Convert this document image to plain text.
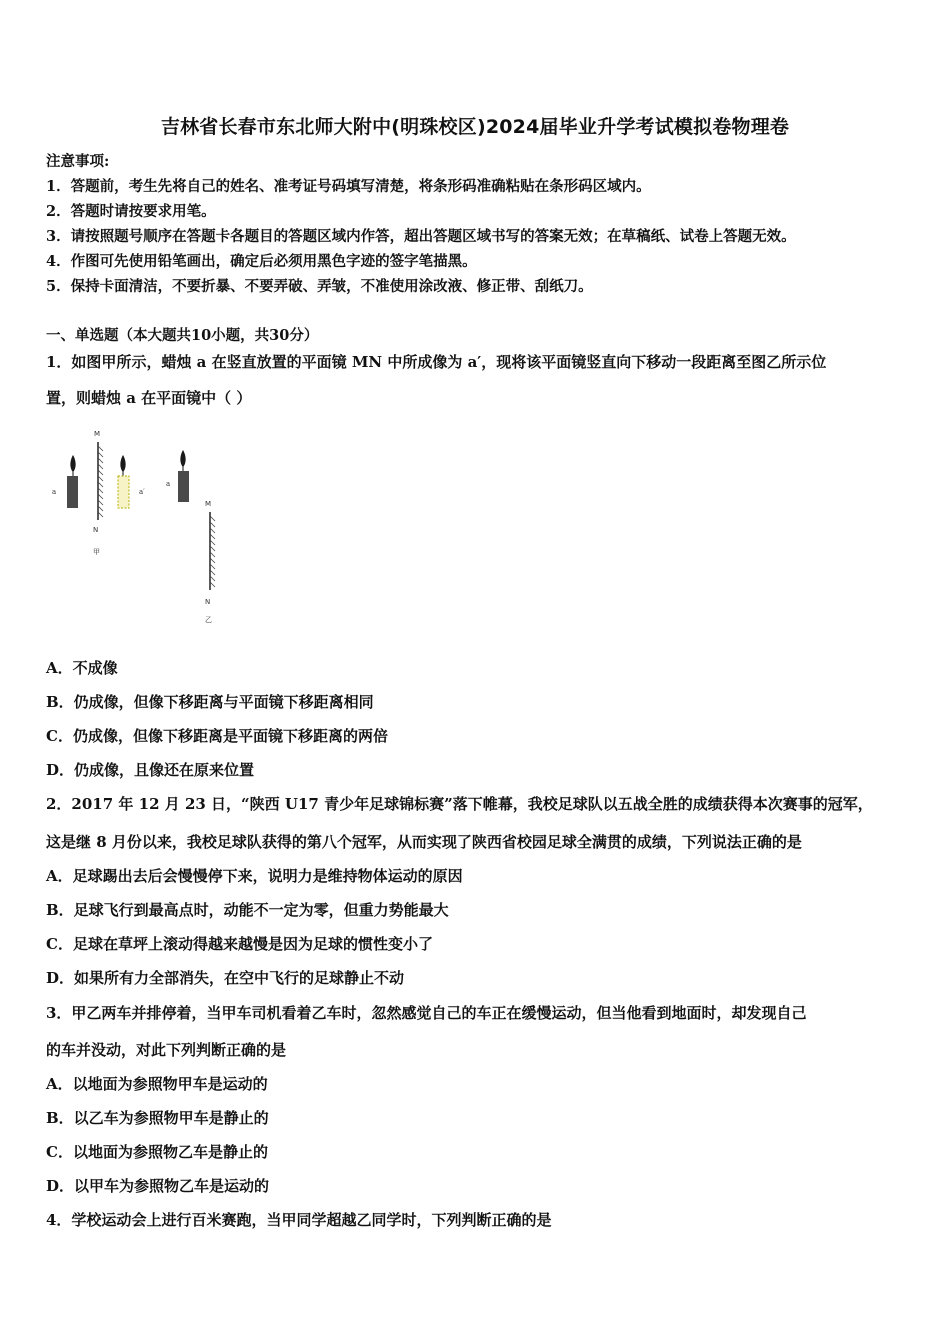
吉林省长春市东北师大附中(明珠校区)2024届毕业升学考试模拟卷物理卷
注意事项:
1．答题前，考生先将自己的姓名、准考证号码填写清楚，将条形码准确粘贴在条形码区域内。
2．答题时请按要求用笔。
3．请按照题号顺序在答题卡各题目的答题区域内作答，超出答题区域书写的答案无效；在草稿纸、试卷上答题无效。
4．作图可先使用铅笔画出，确定后必须用黑色字迹的签字笔描黑。
5．保持卡面清洁，不要折暴、不要弄破、弄皱，不准使用涂改液、修正带、刮纸刀。
一、单选题（本大题共10小题，共30分）
1．如图甲所示，蜡烛 a 在竖直放置的平面镜 MN 中所成像为 a′，现将该平面镜竖直向下移动一段距离至图乙所示位
置，则蜡烛 a 在平面镜中（ ）
M
N
甲
a	a′
a
M
N
乙
A．不成像
B．仍成像，但像下移距离与平面镜下移距离相同
C．仍成像，但像下移距离是平面镜下移距离的两倍
D．仍成像，且像还在原来位置
2．2017 年 12 月 23 日，“陕西 U17 青少年足球锦标赛”落下帷幕，我校足球队以五战全胜的成绩获得本次赛事的冠军，
这是继 8 月份以来，我校足球队获得的第八个冠军，从而实现了陕西省校园足球全满贯的成绩，下列说法正确的是
A．足球踢出去后会慢慢停下来，说明力是维持物体运动的原因
B．足球飞行到最高点时，动能不一定为零，但重力势能最大
C．足球在草坪上滚动得越来越慢是因为足球的惯性变小了
D．如果所有力全部消失，在空中飞行的足球静止不动
3．甲乙两车并排停着，当甲车司机看着乙车时，忽然感觉自己的车正在缓慢运动，但当他看到地面时，却发现自己
的车并没动，对此下列判断正确的是
A．以地面为参照物甲车是运动的
B．以乙车为参照物甲车是静止的
C．以地面为参照物乙车是静止的
D．以甲车为参照物乙车是运动的
4．学校运动会上进行百米赛跑，当甲同学超越乙同学时，下列判断正确的是
